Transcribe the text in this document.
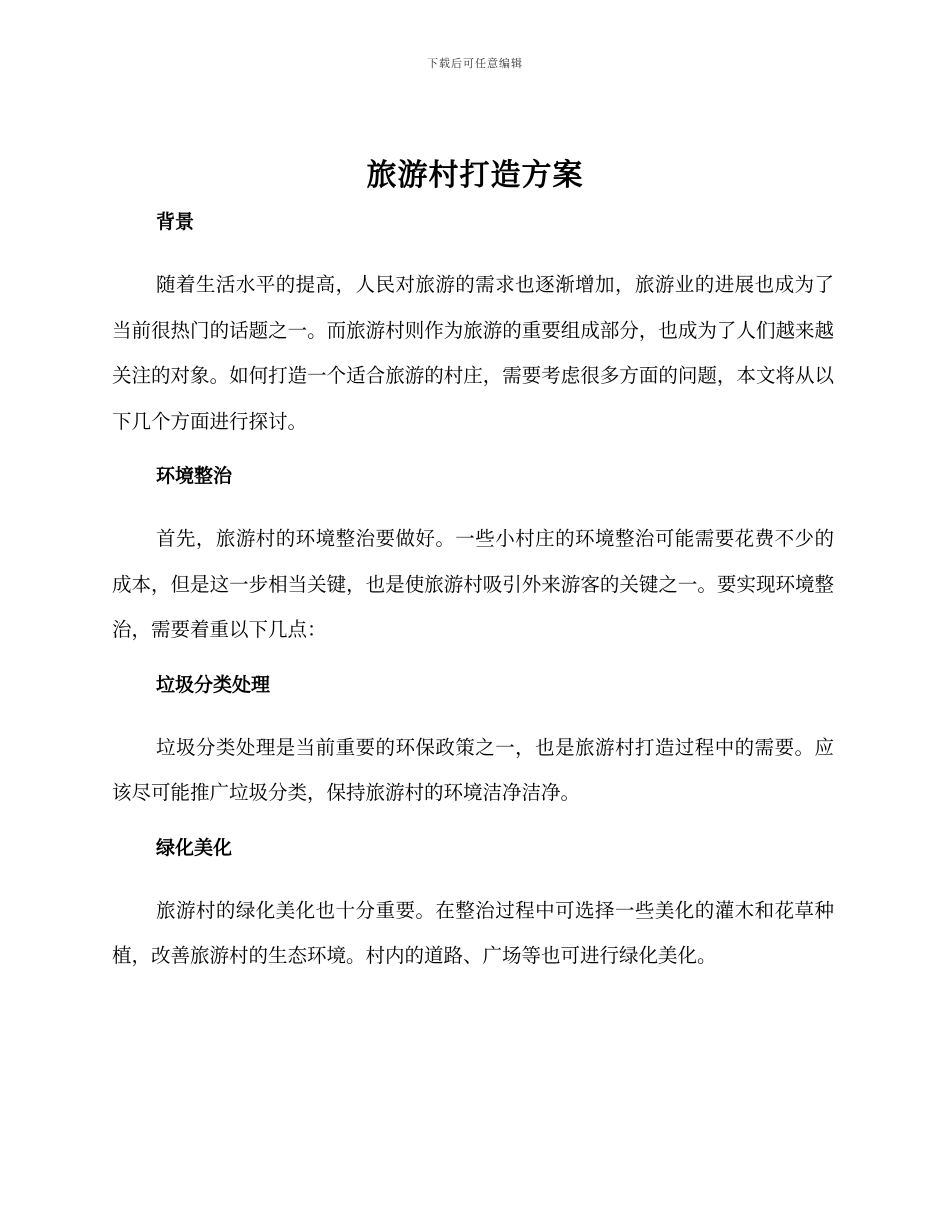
下载后可任意编辑
旅游村打造方案
背景

随着生活水平的提高，人民对旅游的需求也逐渐增加，旅游业的进展也成为了当前很热门的话题之一。而旅游村则作为旅游的重要组成部分，也成为了人们越来越关注的对象。如何打造一个适合旅游的村庄，需要考虑很多方面的问题，本文将从以下几个方面进行探讨。

环境整治

首先，旅游村的环境整治要做好。一些小村庄的环境整治可能需要花费不少的成本，但是这一步相当关键，也是使旅游村吸引外来游客的关键之一。要实现环境整治，需要着重以下几点：

垃圾分类处理

垃圾分类处理是当前重要的环保政策之一，也是旅游村打造过程中的需要。应该尽可能推广垃圾分类，保持旅游村的环境洁净洁净。

绿化美化

旅游村的绿化美化也十分重要。在整治过程中可选择一些美化的灌木和花草种植，改善旅游村的生态环境。村内的道路、广场等也可进行绿化美化。
